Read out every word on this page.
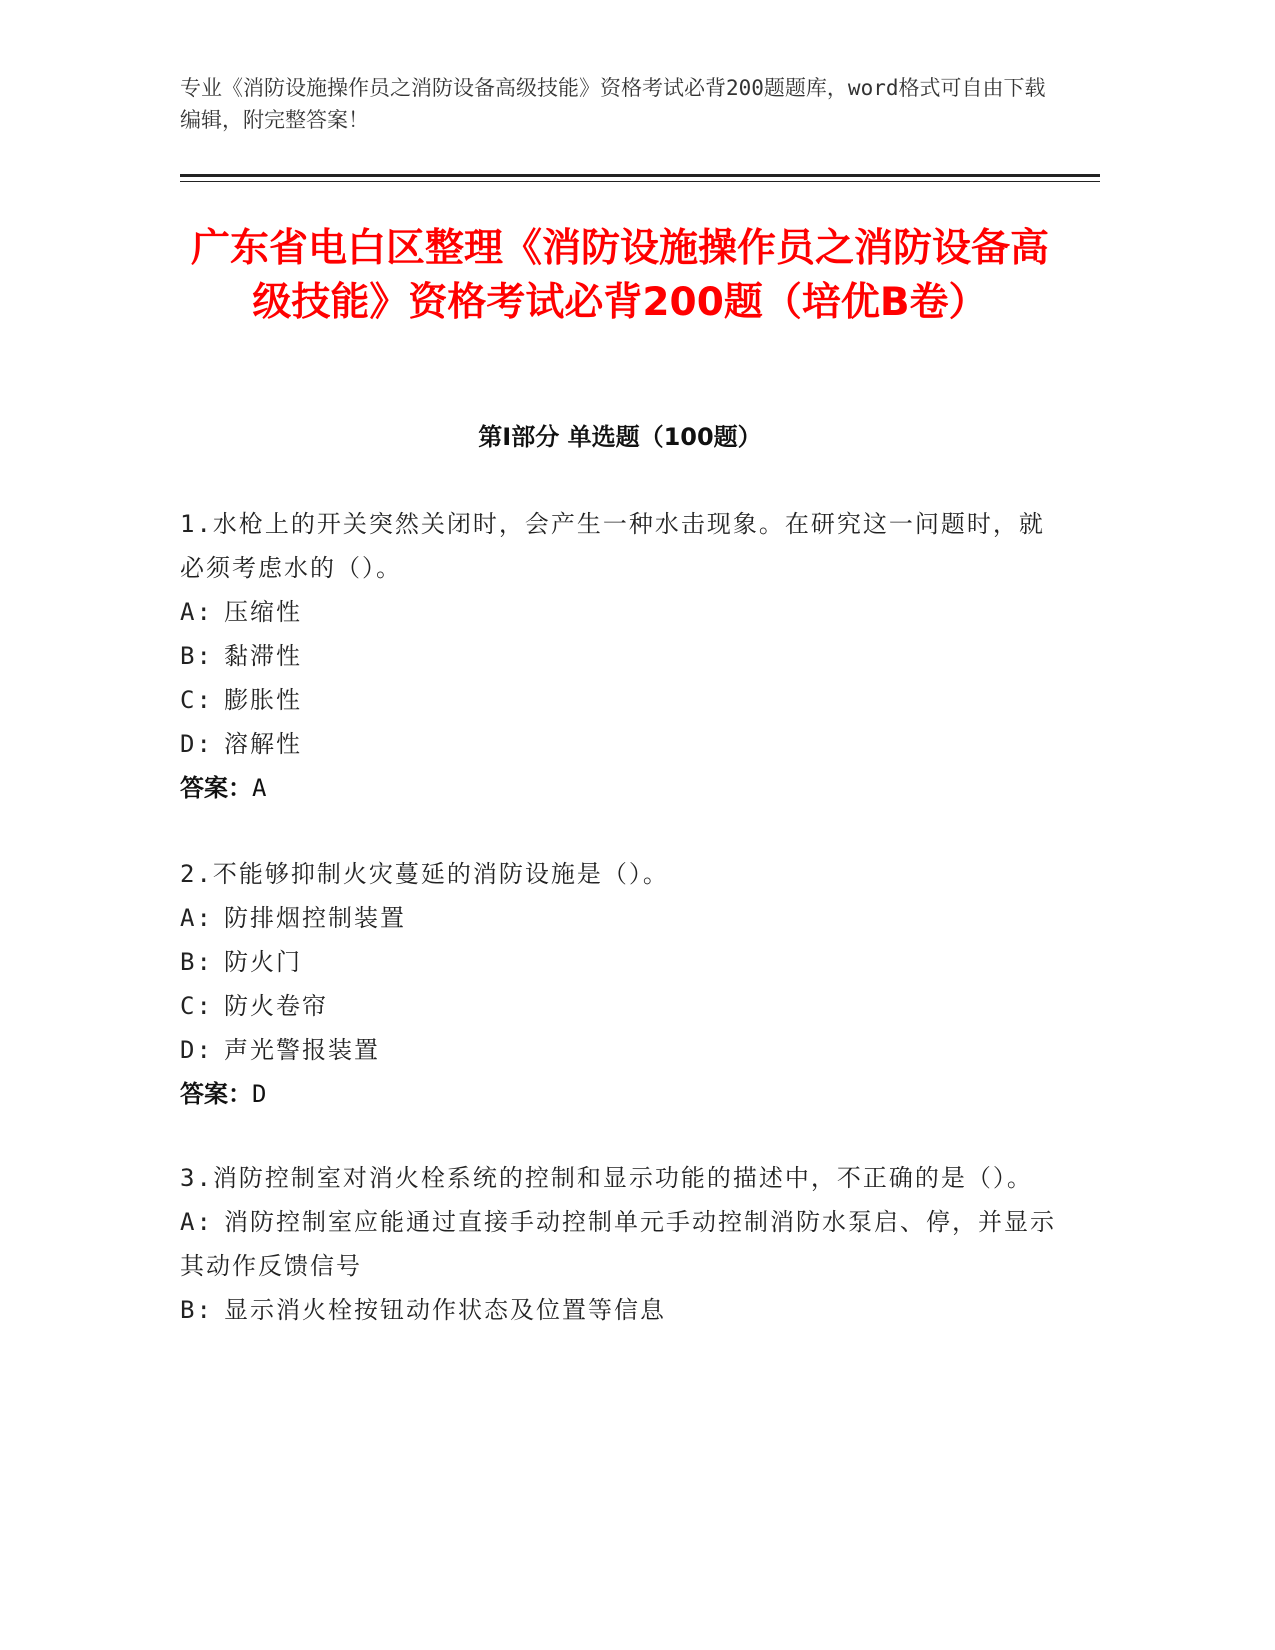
专业《消防设施操作员之消防设备高级技能》资格考试必背200题题库，word格式可自由下载编辑，附完整答案！
广东省电白区整理《消防设施操作员之消防设备高级技能》资格考试必背200题（培优B卷）
第Ⅰ部分 单选题（100题）
1.水枪上的开关突然关闭时，会产生一种水击现象。在研究这一问题时，就必须考虑水的（）。
A: 压缩性
B: 黏滞性
C: 膨胀性
D: 溶解性
答案：A
2.不能够抑制火灾蔓延的消防设施是（）。
A: 防排烟控制装置
B: 防火门
C: 防火卷帘
D: 声光警报装置
答案：D
3.消防控制室对消火栓系统的控制和显示功能的描述中，不正确的是（）。
A: 消防控制室应能通过直接手动控制单元手动控制消防水泵启、停，并显示其动作反馈信号
B: 显示消火栓按钮动作状态及位置等信息
